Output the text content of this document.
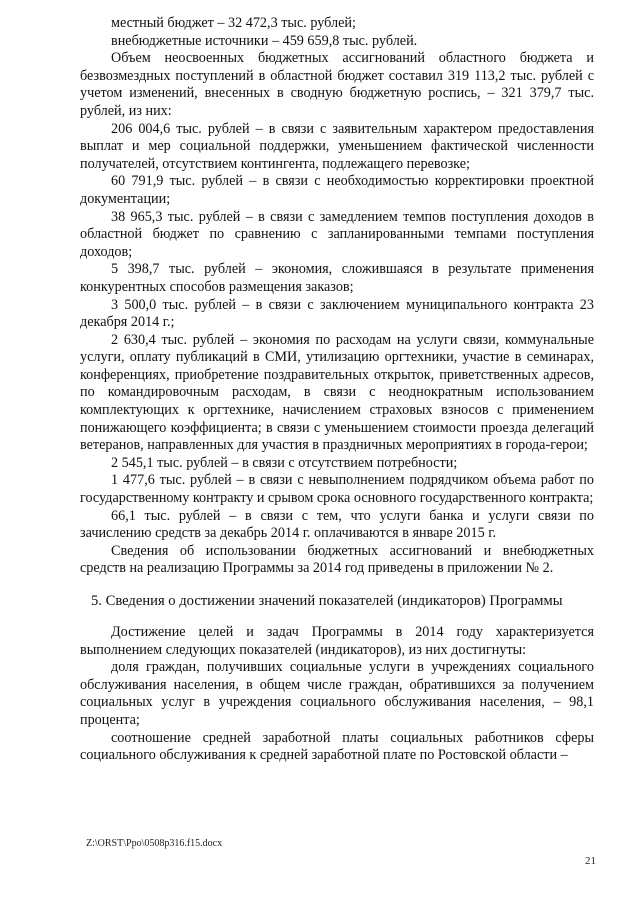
местный бюджет – 32 472,3 тыс. рублей;

внебюджетные источники – 459 659,8 тыс. рублей.

Объем неосвоенных бюджетных ассигнований областного бюджета и безвозмездных поступлений в областной бюджет составил 319 113,2 тыс. рублей с учетом изменений, внесенных в сводную бюджетную роспись, – 321 379,7 тыс. рублей, из них:

206 004,6 тыс. рублей – в связи с заявительным характером предоставления выплат и мер социальной поддержки, уменьшением фактической численности получателей, отсутствием контингента, подлежащего перевозке;

60 791,9 тыс. рублей – в связи с необходимостью корректировки проектной документации;

38 965,3 тыс. рублей – в связи с замедлением темпов поступления доходов в областной бюджет по сравнению с запланированными темпами поступления доходов;

5 398,7 тыс. рублей – экономия, сложившаяся в результате применения конкурентных способов размещения заказов;

3 500,0 тыс. рублей – в связи с заключением муниципального контракта 23 декабря 2014 г.;

2 630,4 тыс. рублей – экономия по расходам на услуги связи, коммунальные услуги, оплату публикаций в СМИ, утилизацию оргтехники, участие в семинарах, конференциях, приобретение поздравительных открыток, приветственных адресов, по командировочным расходам, в связи с неоднократным использованием комплектующих к оргтехнике, начислением страховых взносов с применением понижающего коэффициента; в связи с уменьшением стоимости проезда делегаций ветеранов, направленных для участия в праздничных мероприятиях в города-герои;

2 545,1 тыс. рублей – в связи с отсутствием потребности;

1 477,6 тыс. рублей – в связи с невыполнением подрядчиком объема работ по государственному контракту и срывом срока основного государственного контракта;

66,1 тыс. рублей – в связи с тем, что услуги банка и услуги связи по зачислению средств за декабрь 2014 г. оплачиваются в январе 2015 г.

Сведения об использовании бюджетных ассигнований и внебюджетных средств на реализацию Программы за 2014 год приведены в приложении № 2.

5. Сведения о достижении значений показателей (индикаторов) Программы

Достижение целей и задач Программы в 2014 году характеризуется выполнением следующих показателей (индикаторов), из них достигнуты:

доля граждан, получивших социальные услуги в учреждениях социального обслуживания населения, в общем числе граждан, обратившихся за получением социальных услуг в учреждения социального обслуживания населения, – 98,1 процента;

соотношение средней заработной платы социальных работников сферы социального обслуживания к средней заработной плате по Ростовской области –

Z:\ORST\Ppo\0508p316.f15.docx
21
